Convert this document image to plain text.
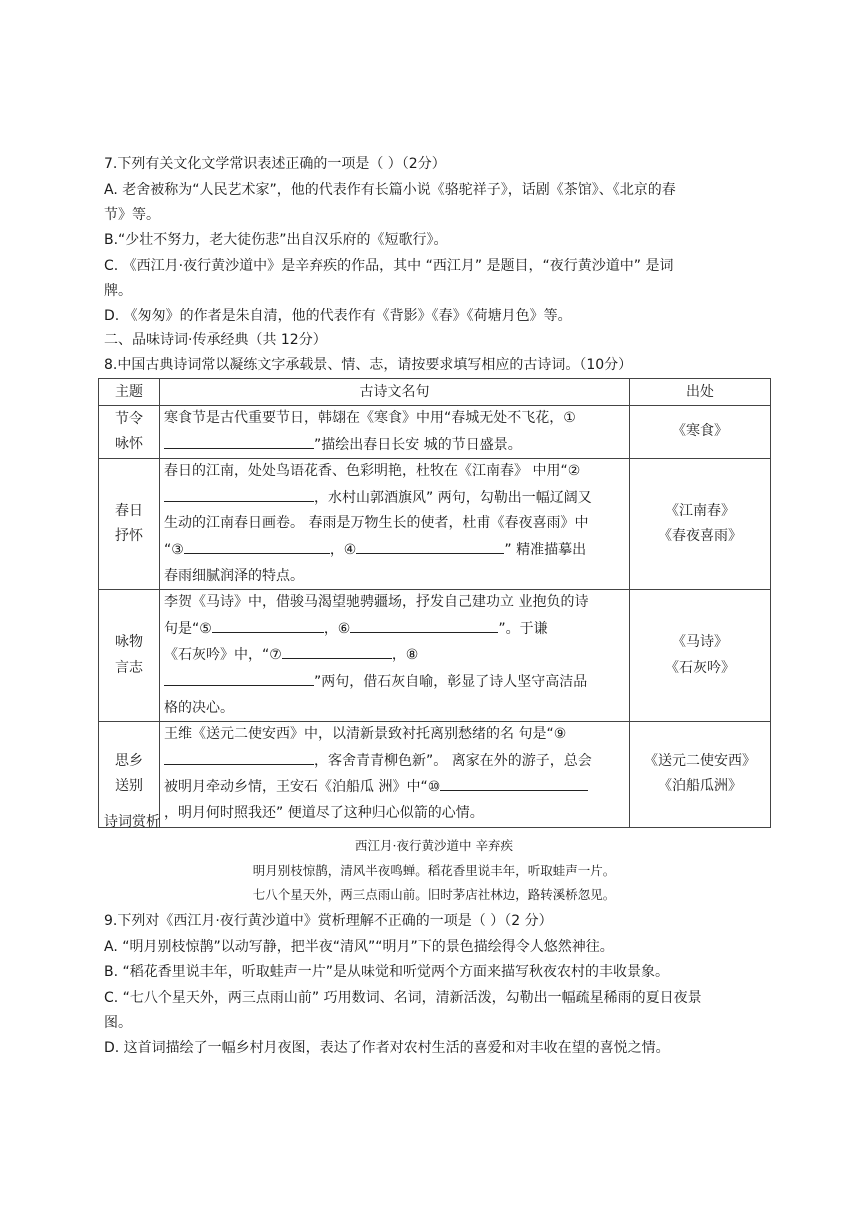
7.下列有关文化文学常识表述正确的一项是（ ）（2分）
A. 老舍被称为“人民艺术家”，他的代表作有长篇小说《骆驼祥子》，话剧《茶馆》、《北京的春
节》等。
B.“少壮不努力，老大徒伤悲”出自汉乐府的《短歌行》。
C. 《西江月·夜行黄沙道中》是辛弃疾的作品，其中 “西江月” 是题目，“夜行黄沙道中” 是词
牌。
D. 《匆匆》的作者是朱自清，他的代表作有《背影》《春》《荷塘月色》等。
二、品味诗词·传承经典（共 12分）
8.中国古典诗词常以凝练文字承载景、情、志，请按要求填写相应的古诗词。（10分）
主题	古诗文名句	出处
节令
咏怀	寒食节是古代重要节日，韩翃在《寒食》中用“春城无处不飞花，①
”描绘出春日长安 城的节日盛景。	《寒食》
春日
抒怀	春日的江南，处处鸟语花香、色彩明艳，杜牧在《江南春》 中用“②
，水村山郭酒旗风” 两句，勾勒出一幅辽阔又
生动的江南春日画卷。 春雨是万物生长的使者，杜甫《春夜喜雨》中
“③ ，④ ” 精准描摹出
春雨细腻润泽的特点。	《江南春》
《春夜喜雨》
咏物
言志	李贺《马诗》中，借骏马渴望驰骋疆场，抒发自己建功立 业抱负的诗
句是“⑤ ，⑥ ”。于谦
《石灰吟》中，“⑦ ，⑧
”两句，借石灰自喻，彰显了诗人坚守高洁品
格的决心。	《马诗》
《石灰吟》
思乡
送别	王维《送元二使安西》中，以清新景致衬托离别愁绪的名 句是“⑨
，客舍青青柳色新”。 离家在外的游子，总会
被明月牵动乡情，王安石《泊船瓜 洲》中“⑩
，明月何时照我还” 便道尽了这种归心似箭的心情。	《送元二使安西》
《泊船瓜洲》
诗词赏析
西江月·夜行黄沙道中 辛弃疾
明月别枝惊鹊，清风半夜鸣蝉。稻花香里说丰年，听取蛙声一片。
七八个星天外，两三点雨山前。旧时茅店社林边，路转溪桥忽见。
9.下列对《西江月·夜行黄沙道中》赏析理解不正确的一项是（ ）（2 分）
A. “明月别枝惊鹊”以动写静，把半夜“清风”“明月”下的景色描绘得令人悠然神往。
B. “稻花香里说丰年，听取蛙声一片”是从味觉和听觉两个方面来描写秋夜农村的丰收景象。
C. “七八个星天外，两三点雨山前” 巧用数词、名词，清新活泼，勾勒出一幅疏星稀雨的夏日夜景
图。
D. 这首词描绘了一幅乡村月夜图，表达了作者对农村生活的喜爱和对丰收在望的喜悦之情。
